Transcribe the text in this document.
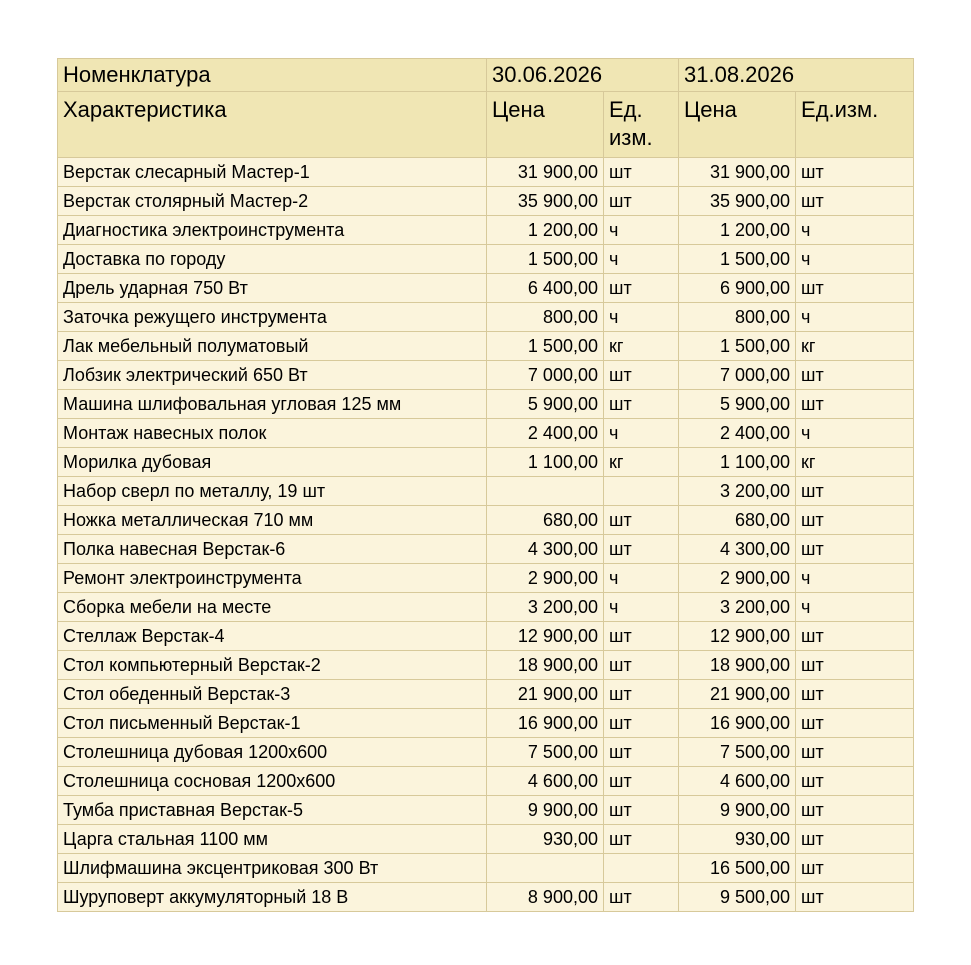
Номенклатура	30.06.2026		31.08.2026	
Характеристика	Цена	Ед. изм.	Цена	Ед.изм.
Верстак слесарный Мастер-1	31 900,00	шт	31 900,00	шт
Верстак столярный Мастер-2	35 900,00	шт	35 900,00	шт
Диагностика электроинструмента	1 200,00	ч	1 200,00	ч
Доставка по городу	1 500,00	ч	1 500,00	ч
Дрель ударная 750 Вт	6 400,00	шт	6 900,00	шт
Заточка режущего инструмента	800,00	ч	800,00	ч
Лак мебельный полуматовый	1 500,00	кг	1 500,00	кг
Лобзик электрический 650 Вт	7 000,00	шт	7 000,00	шт
Машина шлифовальная угловая 125 мм	5 900,00	шт	5 900,00	шт
Монтаж навесных полок	2 400,00	ч	2 400,00	ч
Морилка дубовая	1 100,00	кг	1 100,00	кг
Набор сверл по металлу, 19 шт			3 200,00	шт
Ножка металлическая 710 мм	680,00	шт	680,00	шт
Полка навесная Верстак-6	4 300,00	шт	4 300,00	шт
Ремонт электроинструмента	2 900,00	ч	2 900,00	ч
Сборка мебели на месте	3 200,00	ч	3 200,00	ч
Стеллаж Верстак-4	12 900,00	шт	12 900,00	шт
Стол компьютерный Верстак-2	18 900,00	шт	18 900,00	шт
Стол обеденный Верстак-3	21 900,00	шт	21 900,00	шт
Стол письменный Верстак-1	16 900,00	шт	16 900,00	шт
Столешница дубовая 1200x600	7 500,00	шт	7 500,00	шт
Столешница сосновая 1200x600	4 600,00	шт	4 600,00	шт
Тумба приставная Верстак-5	9 900,00	шт	9 900,00	шт
Царга стальная 1100 мм	930,00	шт	930,00	шт
Шлифмашина эксцентриковая 300 Вт			16 500,00	шт
Шуруповерт аккумуляторный 18 В	8 900,00	шт	9 500,00	шт
